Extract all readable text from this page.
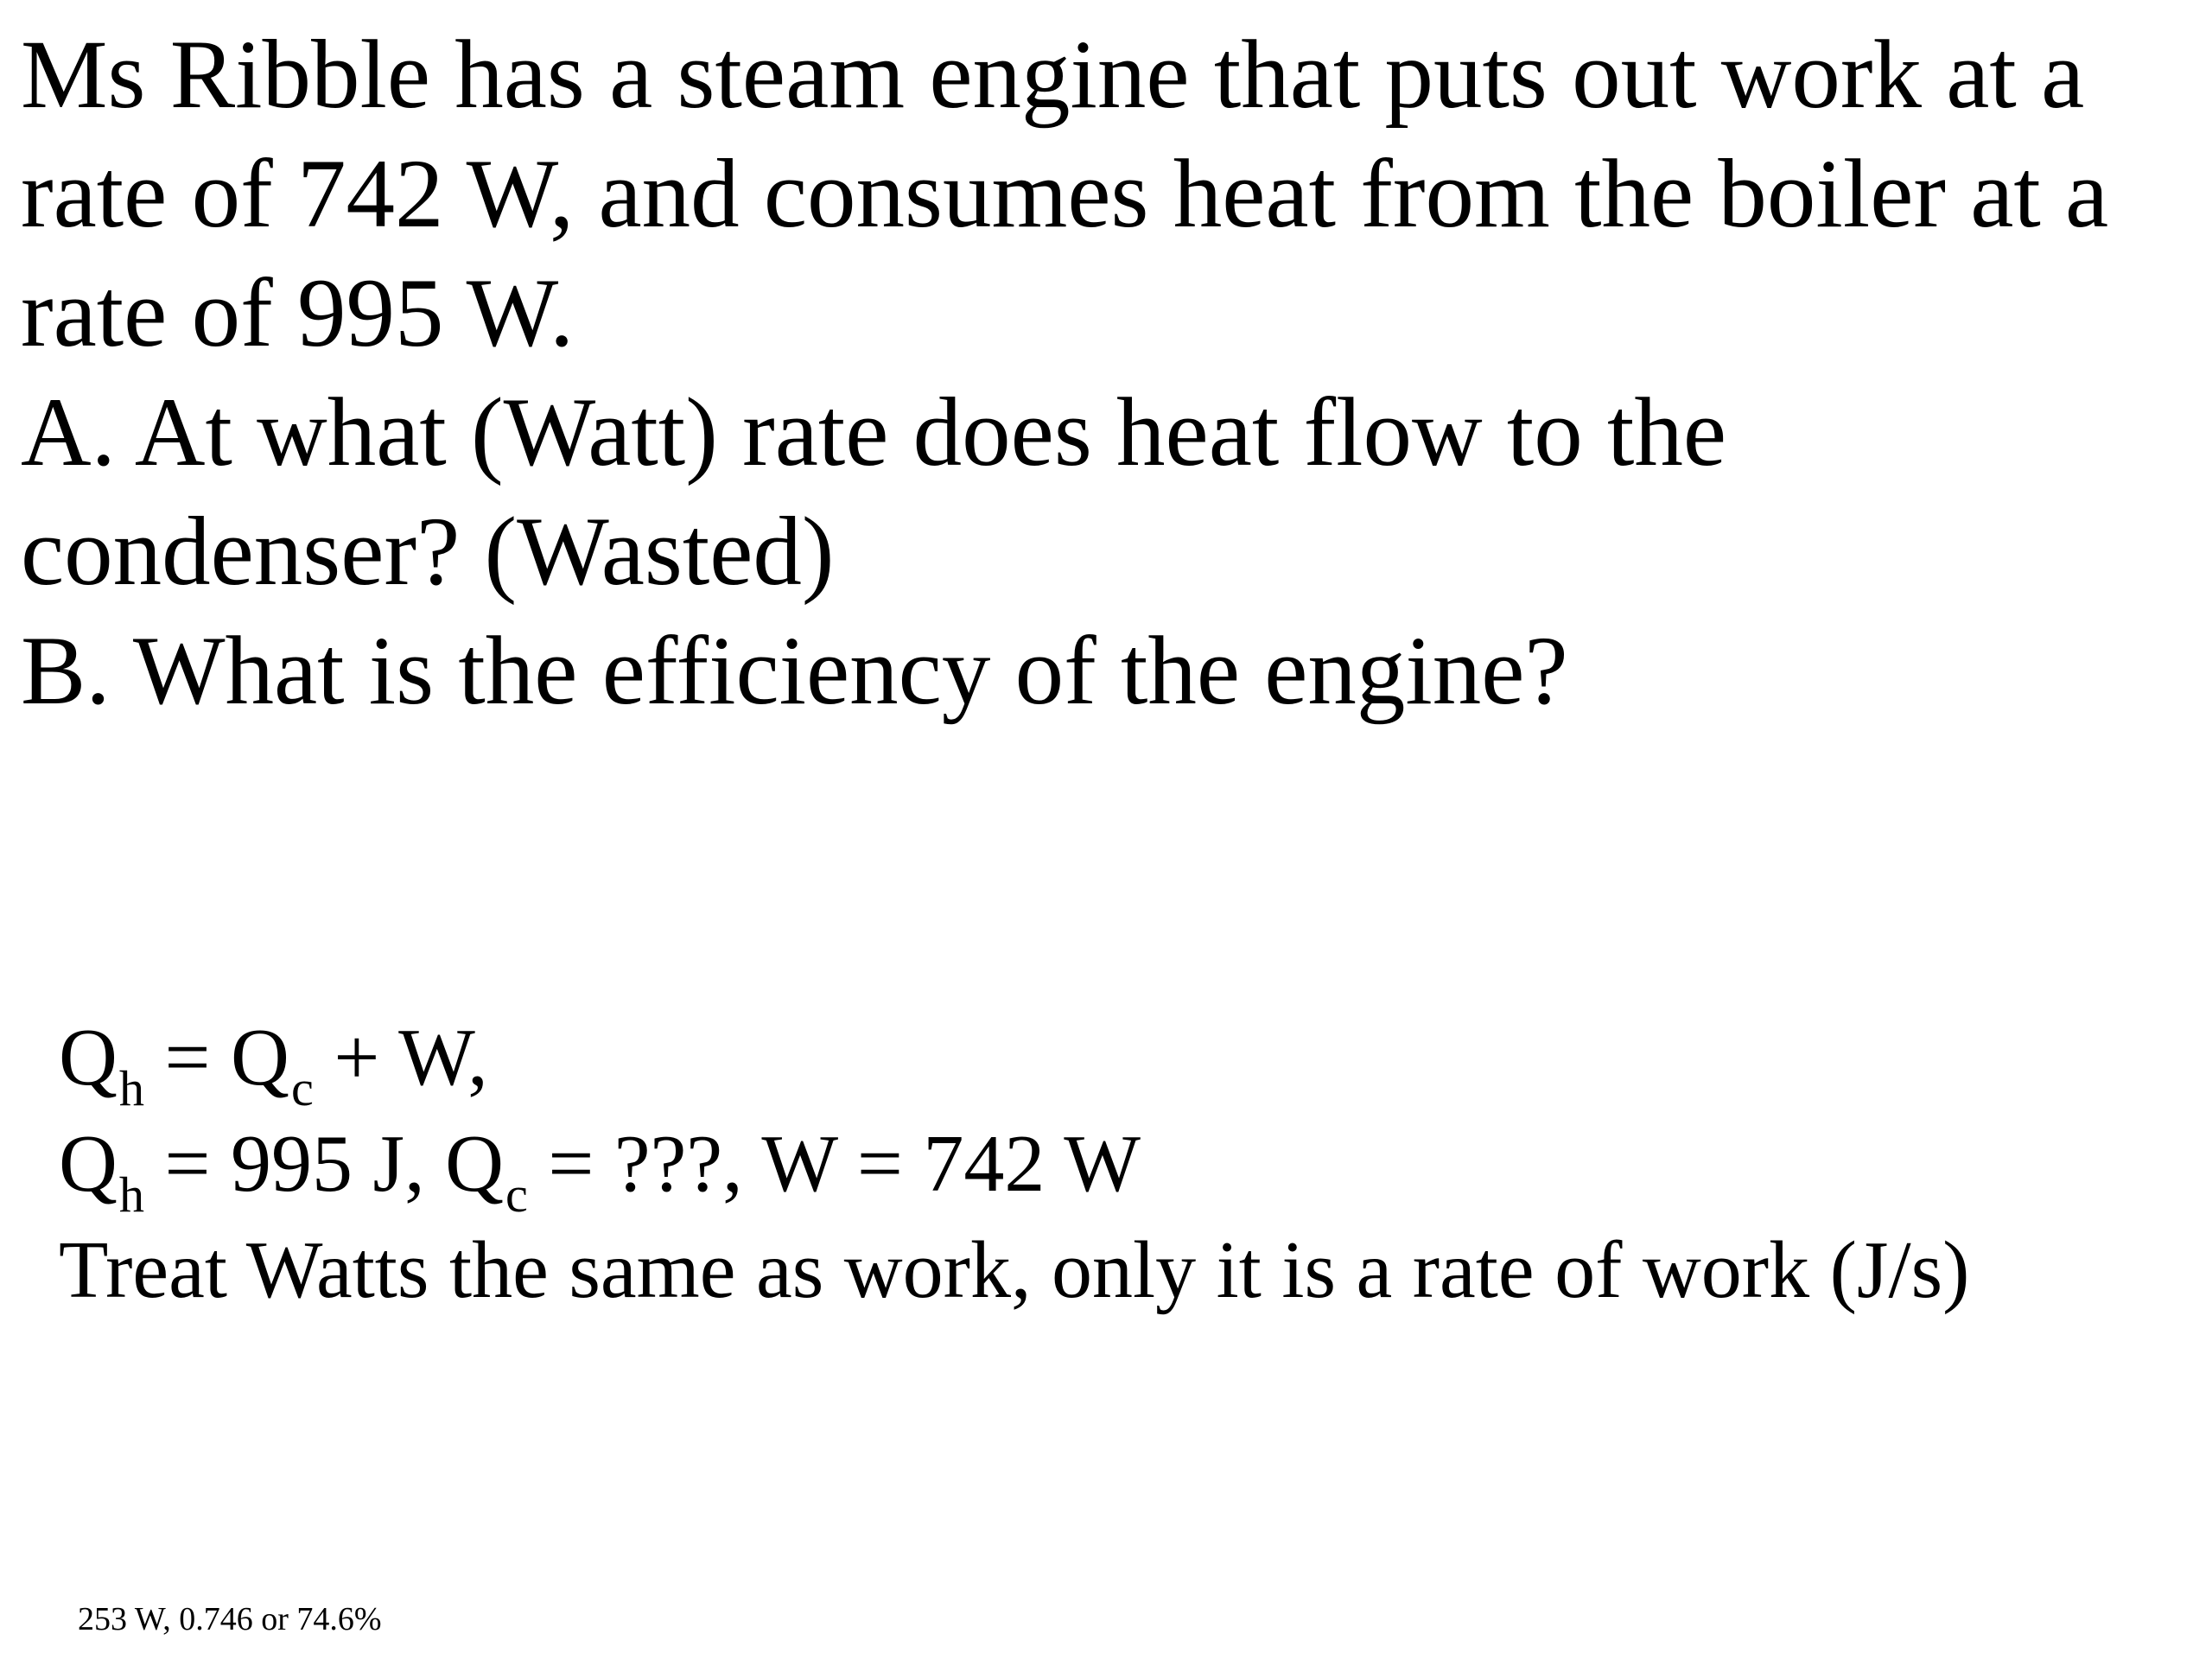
Ms Ribble has a steam engine that puts out work at a
rate of 742 W, and consumes heat from the boiler at a
rate of 995 W.
A. At what (Watt) rate does heat flow to the
condenser? (Wasted)
B. What is the efficiency of the engine?
$Q_h = Q_c + W$,
$Q_h = 995$ J, $Q_c$ = ???, W = 742 W
Treat Watts the same as work, only it is a rate of work (J/s)
253 W, 0.746 or 74.6%
